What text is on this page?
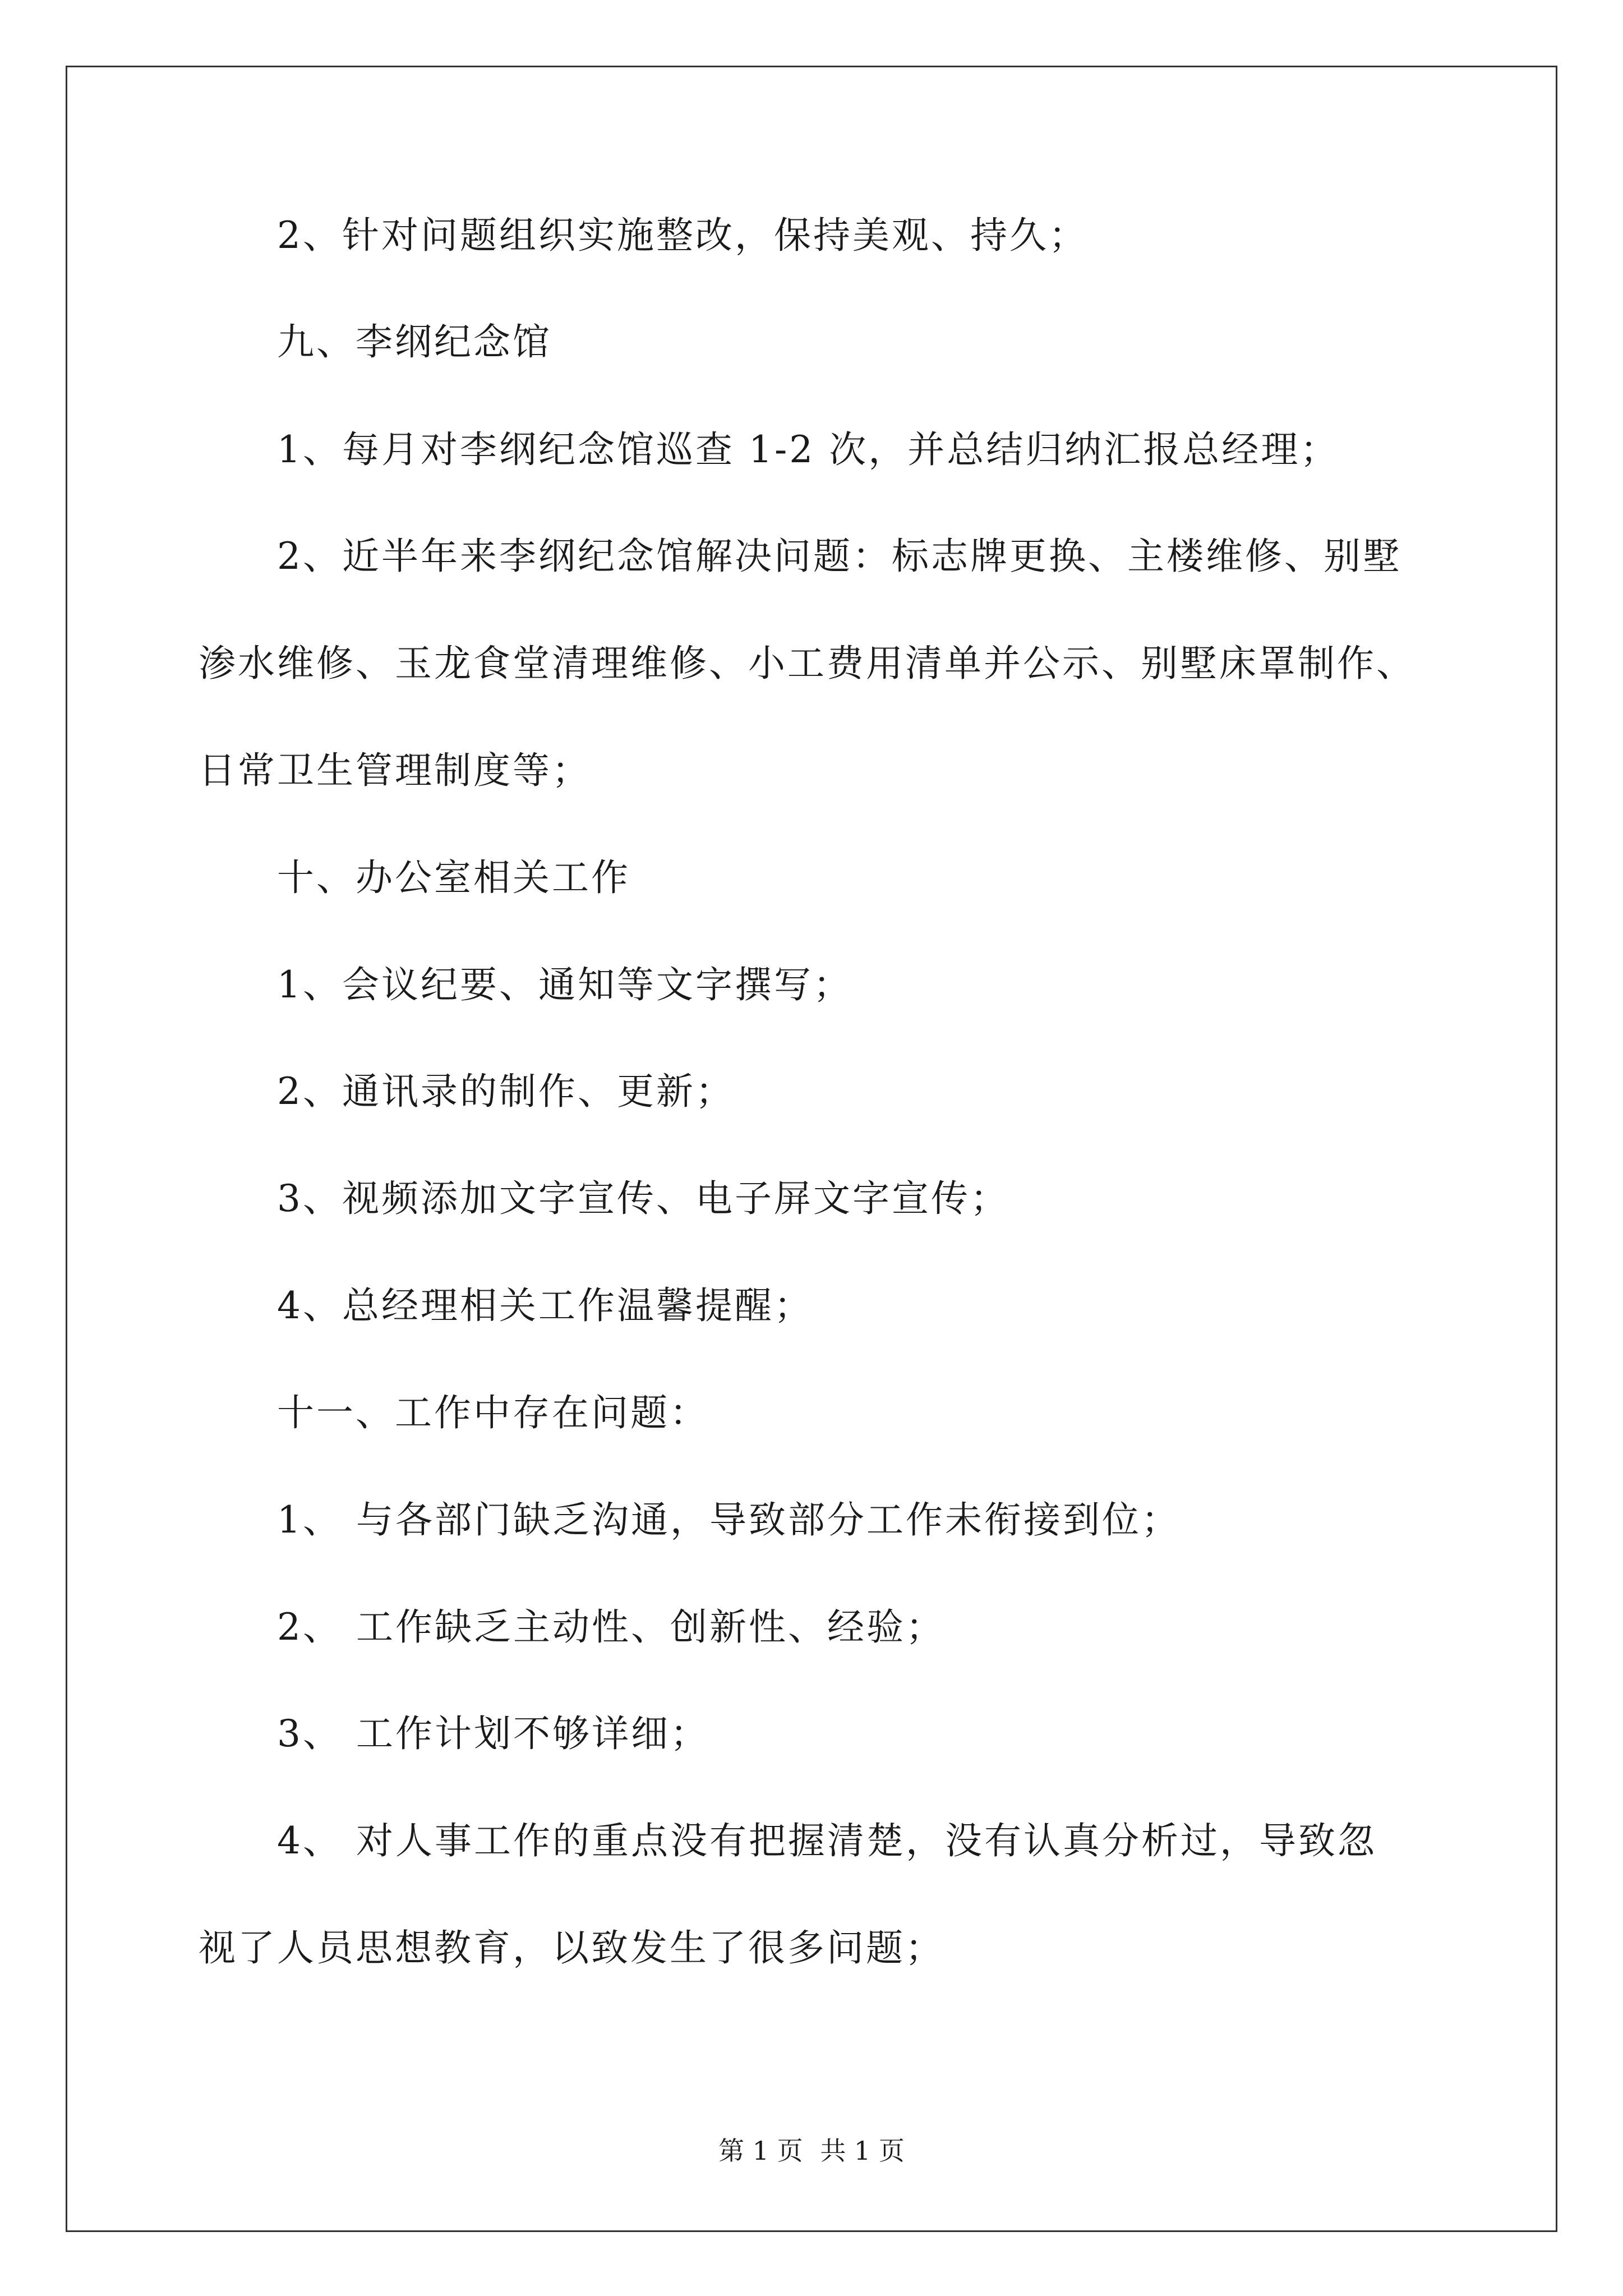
2、针对问题组织实施整改，保持美观、持久；
九、李纲纪念馆
1、每月对李纲纪念馆巡查 1-2 次，并总结归纳汇报总经理；
2、近半年来李纲纪念馆解决问题：标志牌更换、主楼维修、别墅
渗水维修、玉龙食堂清理维修、小工费用清单并公示、别墅床罩制作、
日常卫生管理制度等；
十、办公室相关工作
1、会议纪要、通知等文字撰写；
2、通讯录的制作、更新；
3、视频添加文字宣传、电子屏文字宣传；
4、总经理相关工作温馨提醒；
十一、工作中存在问题：
1、 与各部门缺乏沟通，导致部分工作未衔接到位；
2、 工作缺乏主动性、创新性、经验；
3、 工作计划不够详细；
4、 对人事工作的重点没有把握清楚，没有认真分析过，导致忽
视了人员思想教育，以致发生了很多问题；
第 1 页 共 1 页
